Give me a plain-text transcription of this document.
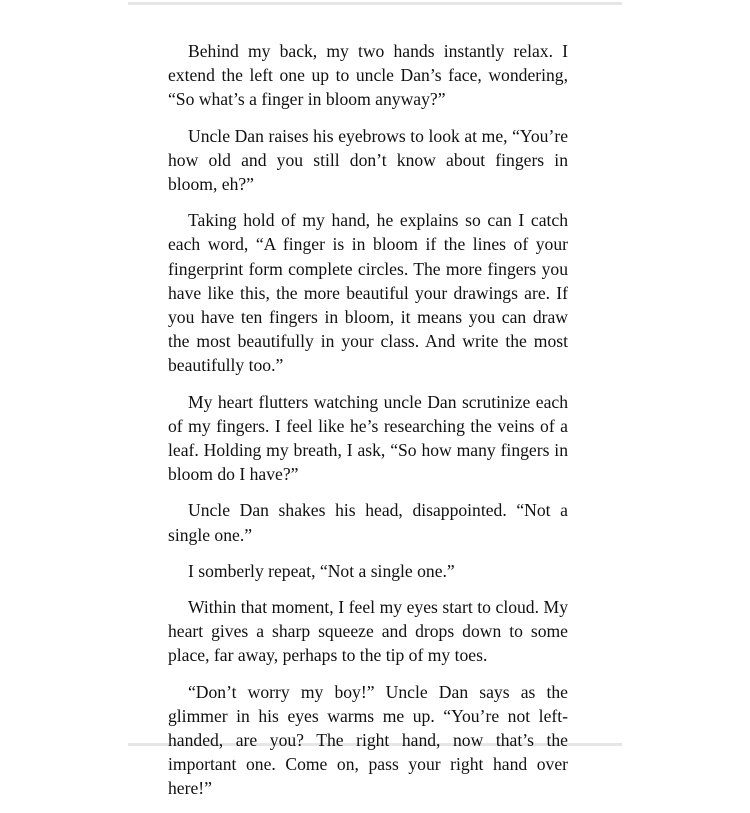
Behind my back, my two hands instantly relax. I extend the left one up to uncle Dan’s face, wondering, “So what’s a finger in bloom anyway?”

Uncle Dan raises his eyebrows to look at me, “You’re how old and you still don’t know about fingers in bloom, eh?”

Taking hold of my hand, he explains so can I catch each word, “A finger is in bloom if the lines of your fingerprint form complete circles. The more fingers you have like this, the more beautiful your drawings are. If you have ten fingers in bloom, it means you can draw the most beautifully in your class. And write the most beautifully too.”

My heart flutters watching uncle Dan scrutinize each of my fingers. I feel like he’s researching the veins of a leaf. Holding my breath, I ask, “So how many fingers in bloom do I have?”

Uncle Dan shakes his head, disappointed. “Not a single one.”

I somberly repeat, “Not a single one.”

Within that moment, I feel my eyes start to cloud. My heart gives a sharp squeeze and drops down to some place, far away, perhaps to the tip of my toes.

“Don’t worry my boy!” Uncle Dan says as the glimmer in his eyes warms me up. “You’re not left-handed, are you? The right hand, now that’s the important one. Come on, pass your right hand over here!”
